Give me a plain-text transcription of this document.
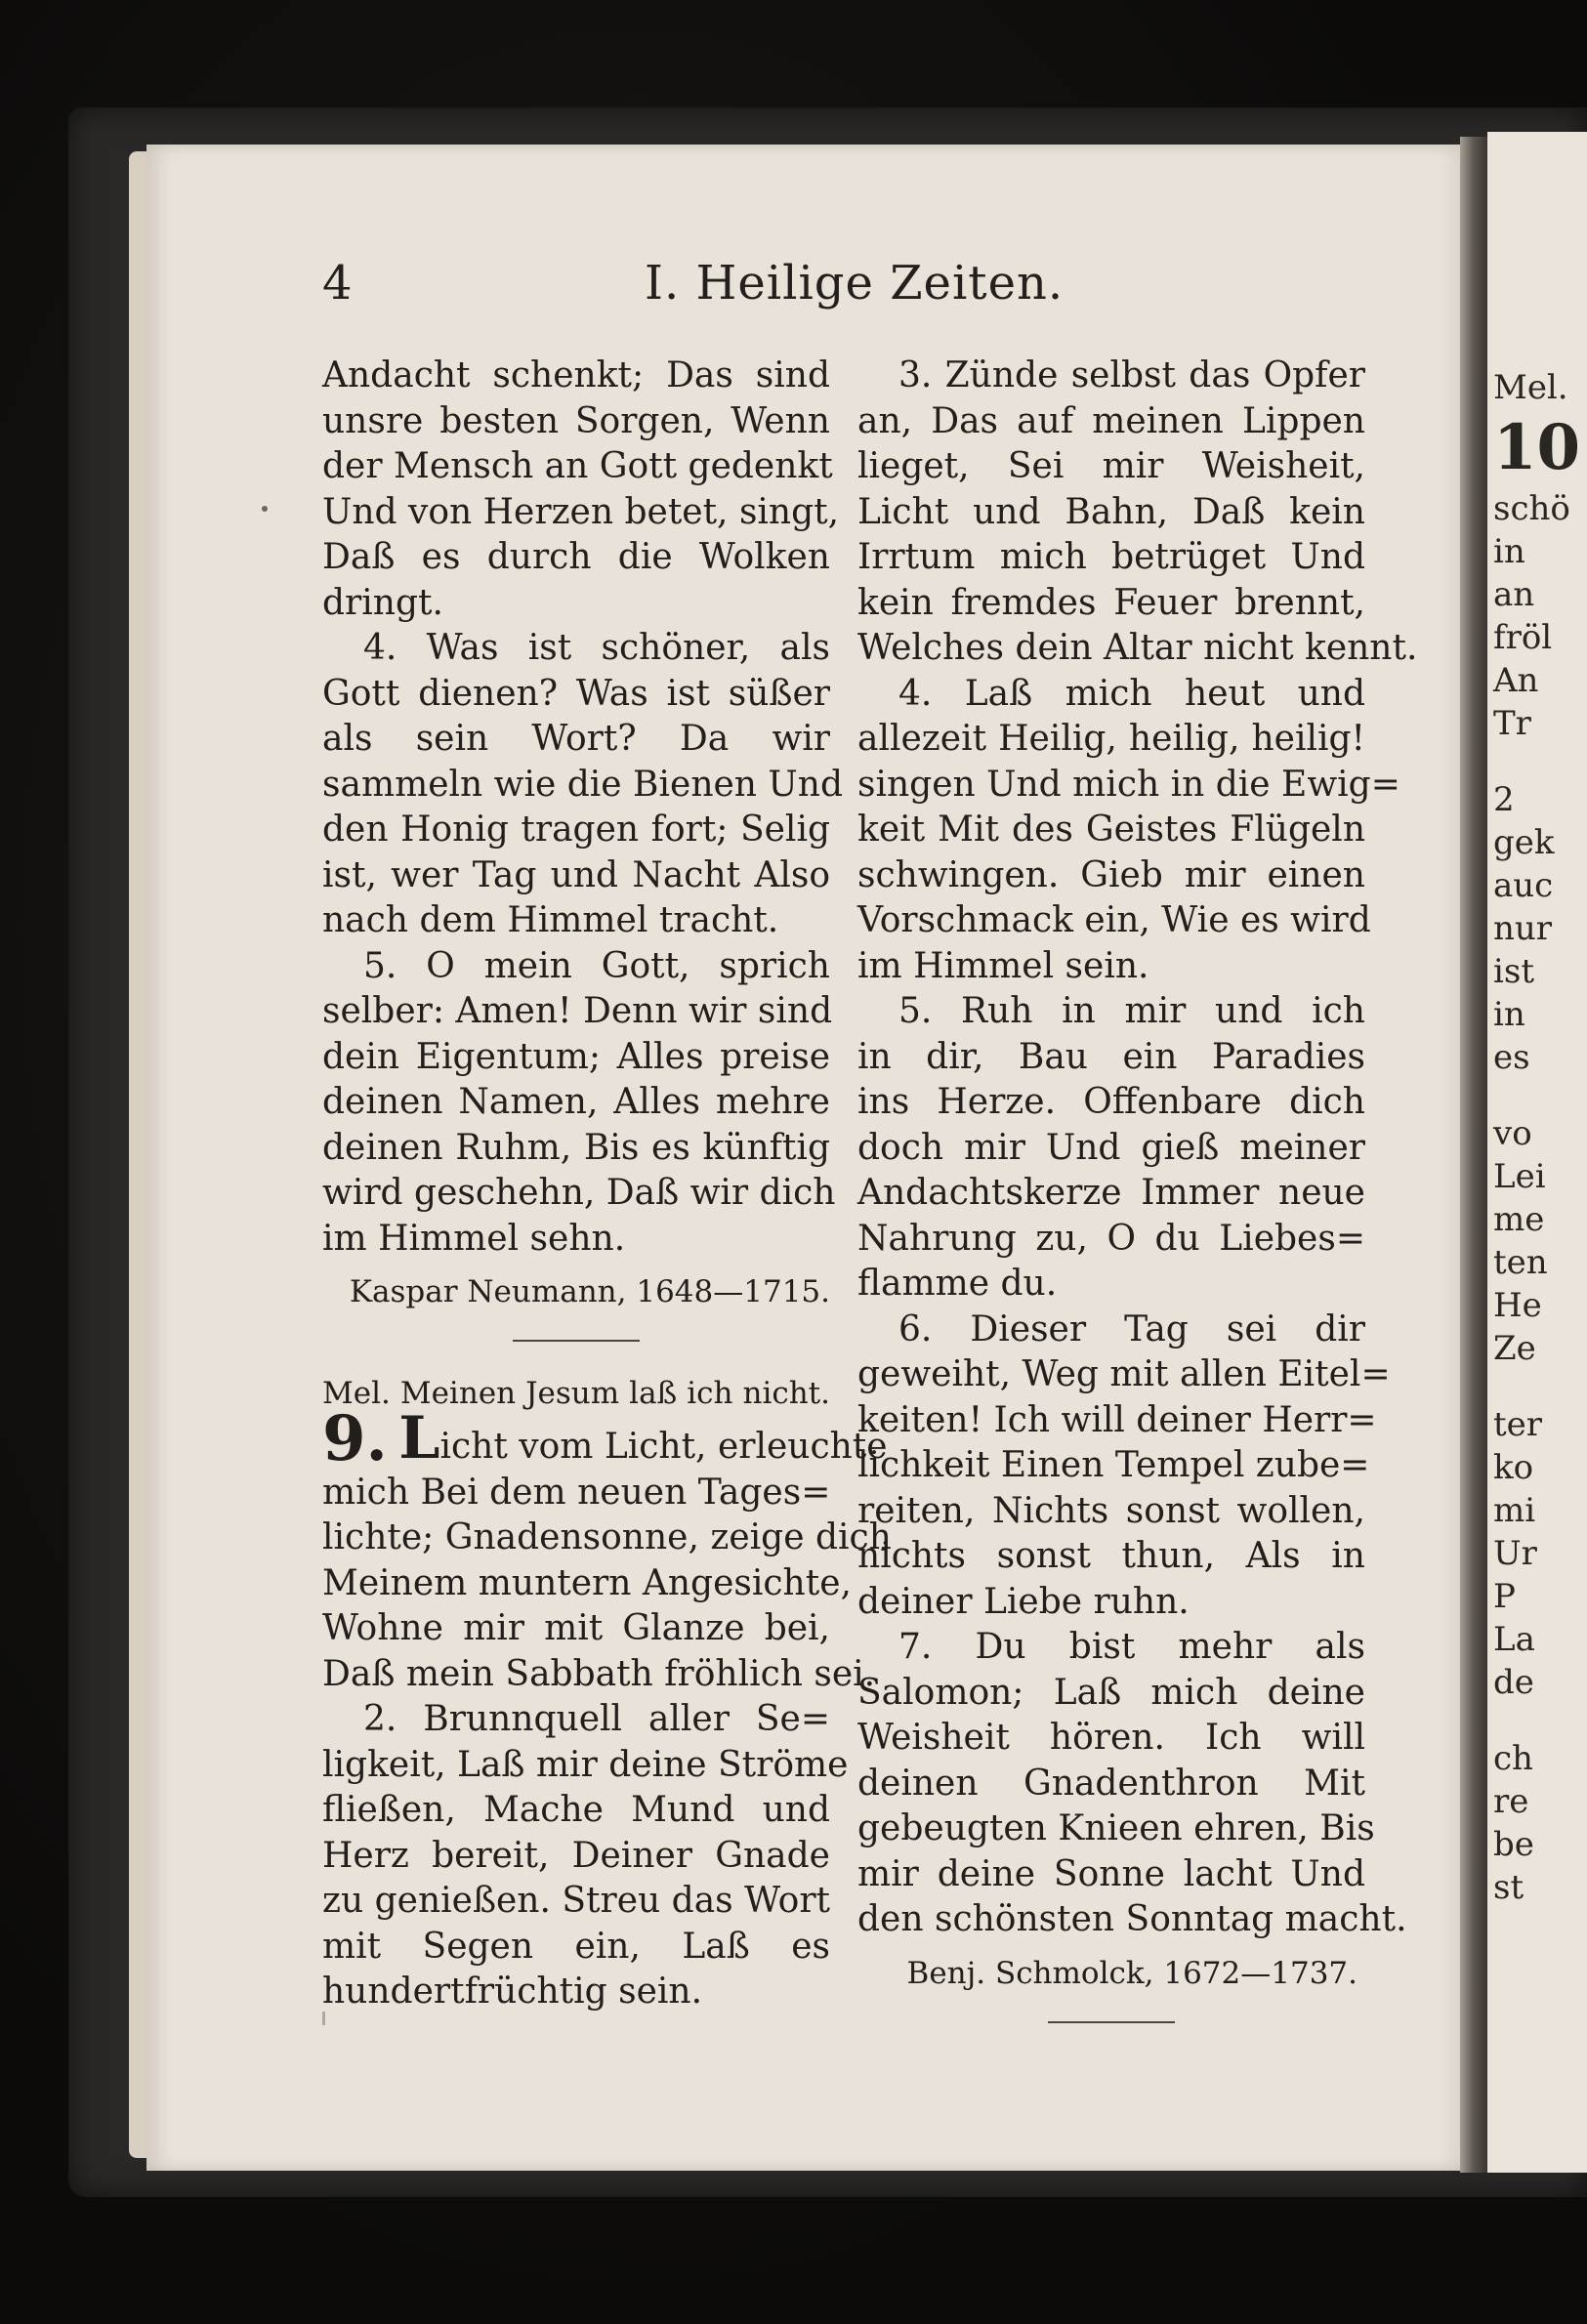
Mel.
10
schö
in
an
fröl
An
Tr
2
gek
auc
nur
ist
in
es
vo
Lei
me
ten
He
Ze
ter
ko
mi
Ur
P
La
de
ch
re
be
st
4	I. Heilige Zeiten.
Andacht schenkt; Das sind
unsre besten Sorgen, Wenn
der Mensch an Gott gedenkt
Und von Herzen betet, singt,
Daß es durch die Wolken
dringt.
4. Was ist schöner, als
Gott dienen? Was ist süßer
als sein Wort? Da wir
sammeln wie die Bienen Und
den Honig tragen fort; Selig
ist, wer Tag und Nacht Also
nach dem Himmel tracht.
5. O mein Gott, sprich
selber: Amen! Denn wir sind
dein Eigentum; Alles preise
deinen Namen, Alles mehre
deinen Ruhm, Bis es künftig
wird geschehn, Daß wir dich
im Himmel sehn.
Kaspar Neumann, 1648—1715.
Mel. Meinen Jesum laß ich nicht.
9. Licht vom Licht, erleuchte
mich Bei dem neuen Tages=
lichte; Gnadensonne, zeige dich
Meinem muntern Angesichte,
Wohne mir mit Glanze bei,
Daß mein Sabbath fröhlich sei.
2. Brunnquell aller Se=
ligkeit, Laß mir deine Ströme
fließen, Mache Mund und
Herz bereit, Deiner Gnade
zu genießen. Streu das Wort
mit Segen ein, Laß es
hundertfrüchtig sein.
3. Zünde selbst das Opfer
an, Das auf meinen Lippen
lieget, Sei mir Weisheit,
Licht und Bahn, Daß kein
Irrtum mich betrüget Und
kein fremdes Feuer brennt,
Welches dein Altar nicht kennt.
4. Laß mich heut und
allezeit Heilig, heilig, heilig!
singen Und mich in die Ewig=
keit Mit des Geistes Flügeln
schwingen. Gieb mir einen
Vorschmack ein, Wie es wird
im Himmel sein.
5. Ruh in mir und ich
in dir, Bau ein Paradies
ins Herze. Offenbare dich
doch mir Und gieß meiner
Andachtskerze Immer neue
Nahrung zu, O du Liebes=
flamme du.
6. Dieser Tag sei dir
geweiht, Weg mit allen Eitel=
keiten! Ich will deiner Herr=
lichkeit Einen Tempel zube=
reiten, Nichts sonst wollen,
nichts sonst thun, Als in
deiner Liebe ruhn.
7. Du bist mehr als
Salomon; Laß mich deine
Weisheit hören. Ich will
deinen Gnadenthron Mit
gebeugten Knieen ehren, Bis
mir deine Sonne lacht Und
den schönsten Sonntag macht.
Benj. Schmolck, 1672—1737.
